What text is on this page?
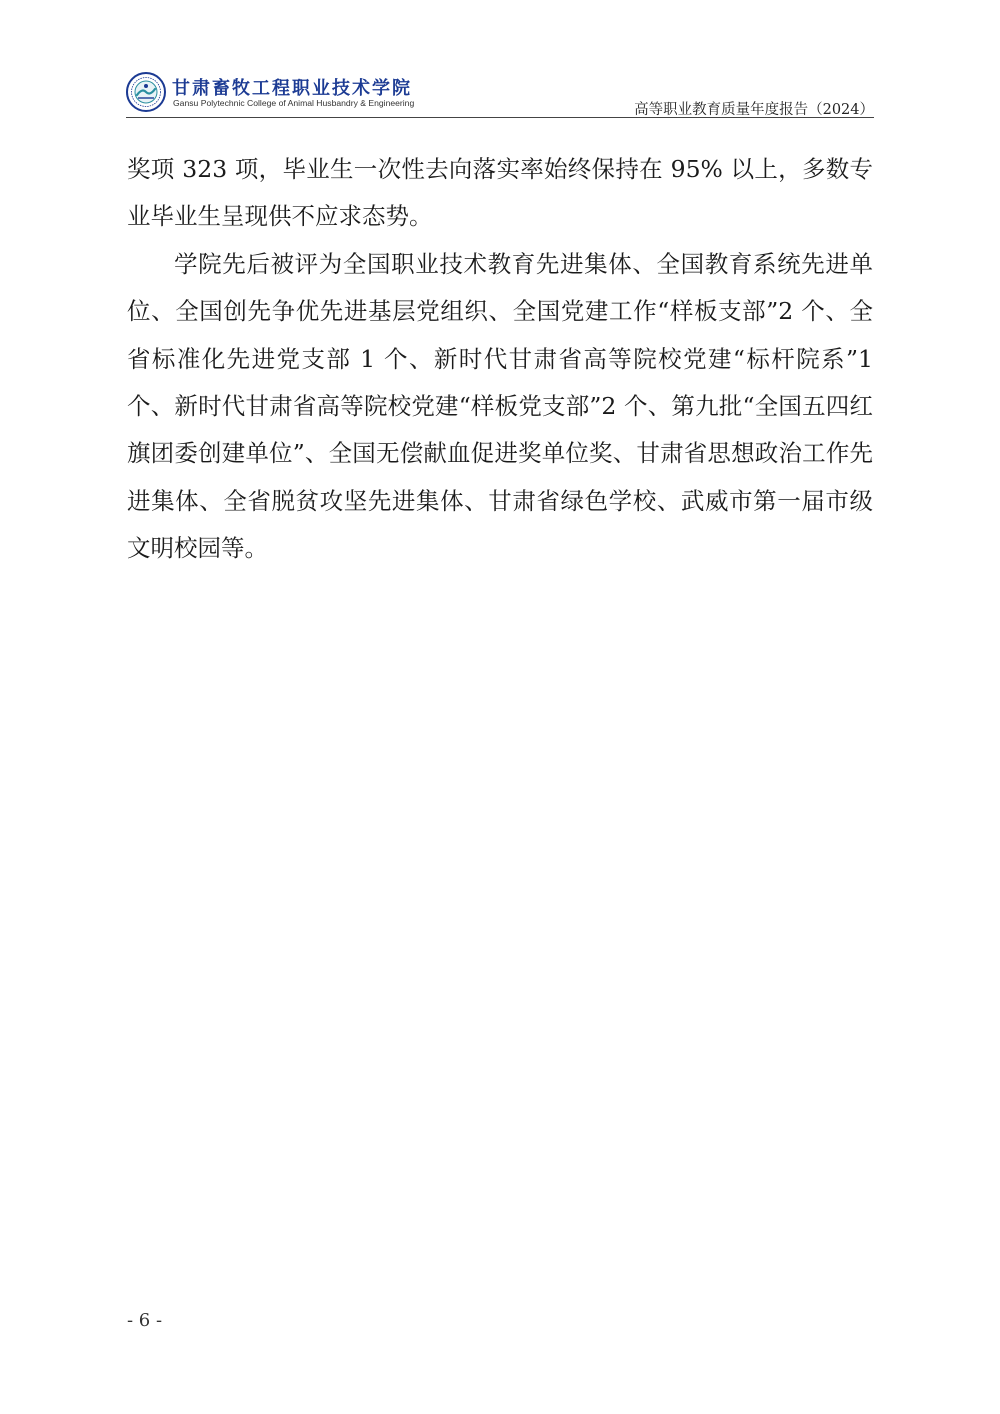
甘肃畜牧工程职业技术学院
Gansu Polytechnic College of Animal Husbandry & Engineering	高等职业教育质量年度报告（2024）

奖项 323 项，毕业生一次性去向落实率始终保持在 95% 以上，多数专业毕业生呈现供不应求态势。

学院先后被评为全国职业技术教育先进集体、全国教育系统先进单位、全国创先争优先进基层党组织、全国党建工作“样板支部”2 个、全省标准化先进党支部 1 个、新时代甘肃省高等院校党建“标杆院系”1 个、新时代甘肃省高等院校党建“样板党支部”2 个、第九批“全国五四红旗团委创建单位”、全国无偿献血促进奖单位奖、甘肃省思想政治工作先进集体、全省脱贫攻坚先进集体、甘肃省绿色学校、武威市第一届市级文明校园等。

- 6 -
